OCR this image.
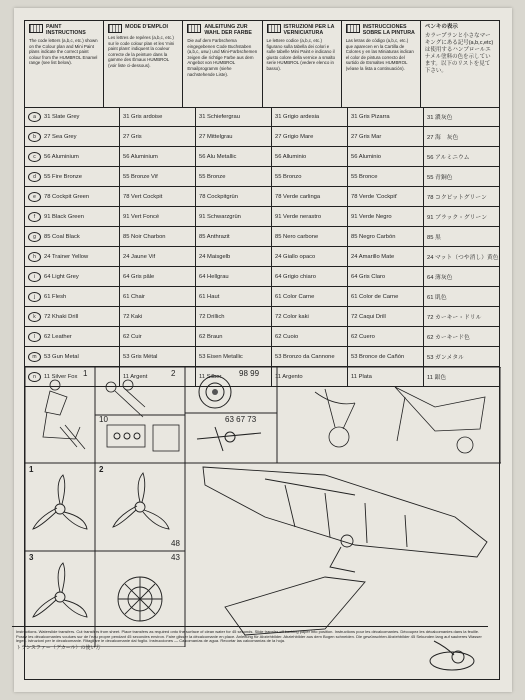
PAINT INSTRUCTIONS
The code letters (a,b,c, etc.) shown on the Colour plan and Mini Paint plans indicate the correct paint colour from the HUMBROL Enamel range (see list below).
MODE D'EMPLOI
Les lettres de repères (a,b,c, etc.) sur le code colour plan et les 'mini paint plans' indiquent la couleur correcte de la peinture dans la gamme des Émaux HUMBROL (voir liste ci-dessous).
ANLEITUNG ZUR WAHL DER FARBE
Die auf dem Farbschema eingegebenen Code Buchstaben (a,b,c, usw.) und Mini-Farbschemen zeigen die richtige Farbe aus dem Angebot von HUMBROL Emailprogramm (siehe nachstehende Liste).
ISTRUZIONI PER LA VERNICIATURA
Le lettere codice (a,b,c, etc.) figurano sulla tabella dei colori e sulle tabelle Mini Paint e indicano il giusto colore della vernice a smalto serie HUMBROL (vedere elenco in basso).
INSTRUCCIONES SOBRE LA PINTURA
Las letras de código (a,b,c, etc.) que aparecen en la Cartilla de Colores y en las Miniaturas indican el color de pintura correcto del surtido de Esmaltes HUMBROL (véase la lista a continuación).
ペンキの表示
カラープランと小さなマーキングにある記号(a,b,c,etc)は使用するハンブロールエナメル塗料の色を示しています。以下のリストを見て下さい。
a	31 Slate Grey	31 Gris ardoise	31 Schiefergrau	31 Grigio ardesia	31 Gris Pizarra	31 濃灰色
b	27 Sea Grey	27 Gris	27 Mittelgrau	27 Grigio Mare	27 Gris Mar	27 海　灰色
c	56 Aluminium	56 Aluminium	56 Alu Metallic	56 Alluminio	56 Aluminio	56 アルミニウム
d	55 Fire Bronze	55 Bronze Vif	55 Bronze	55 Bronzo	55 Bronce	55 青銅色
e	78 Cockpit Green	78 Vert Cockpit	78 Cockpitgrün	78 Verde carlinga	78 Verde 'Cockpit'	78 コクピットグリーン
f	91 Black Green	91 Vert Foncé	91 Schwarzgrün	91 Verde nerastro	91 Verde Negro	91 ブラック・グリーン
g	85 Coal Black	85 Noir Charbon	85 Anthrazit	85 Nero carbone	85 Negro Carbón	85 黒
h	24 Trainer Yellow	24 Jaune Vif	24 Maisgelb	24 Giallo opaco	24 Amarillo Mate	24 マット（つや消し）黄色
i	64 Light Grey	64 Gris pâle	64 Hellgrau	64 Grigio chiaro	64 Gris Claro	64 薄灰色
j	61 Flesh	61 Chair	61 Haut	61 Color Carne	61 Color de Carne	61 肌色
k	72 Khaki Drill	72 Kaki	72 Drillich	72 Color kaki	72 Caqui Drill	72 カーキー・ドリル
l	62 Leather	62 Cuir	62 Braun	62 Cuoio	62 Cuero	62 カーキード色
m	53 Gun Metal	53 Gris Métal	53 Eisen Metallic	53 Bronzo da Cannone	53 Bronce de Cañón	53 ガンメタル
n	11 Silver Fox	11 Argent	11 Silber	11 Argento	11 Plata	11 銀色
1	2
10
98 99
63 67 73
1	2
3
48
43
Instructions. Waterslide transfers. Cut transfers from sheet. Place transfers as required onto the surface of clean water for 45 seconds. Slide transfer off backing paper into position. Instructions pour les décalcomanies. Découpez les décalcomanies dans la feuille. Posez les décalcomanies voulues sur de l'eau propre pendant 45 secondes environ. Faire glisser la décalcomanie en place. Anleitung für Abziehbilder. Abziehbilder aus dem Bogen schneiden. Die gewünschten Abziehbilder 45 Sekunden lang auf sauberes Wasser legen. Istruzioni per le decalcomanie. Ritagliare le decalcomanie dal foglio. Instrucciones — Calcomanías de agua. Recortar las calcomanías de la hoja.
トランスファー（デカール）の使い方
